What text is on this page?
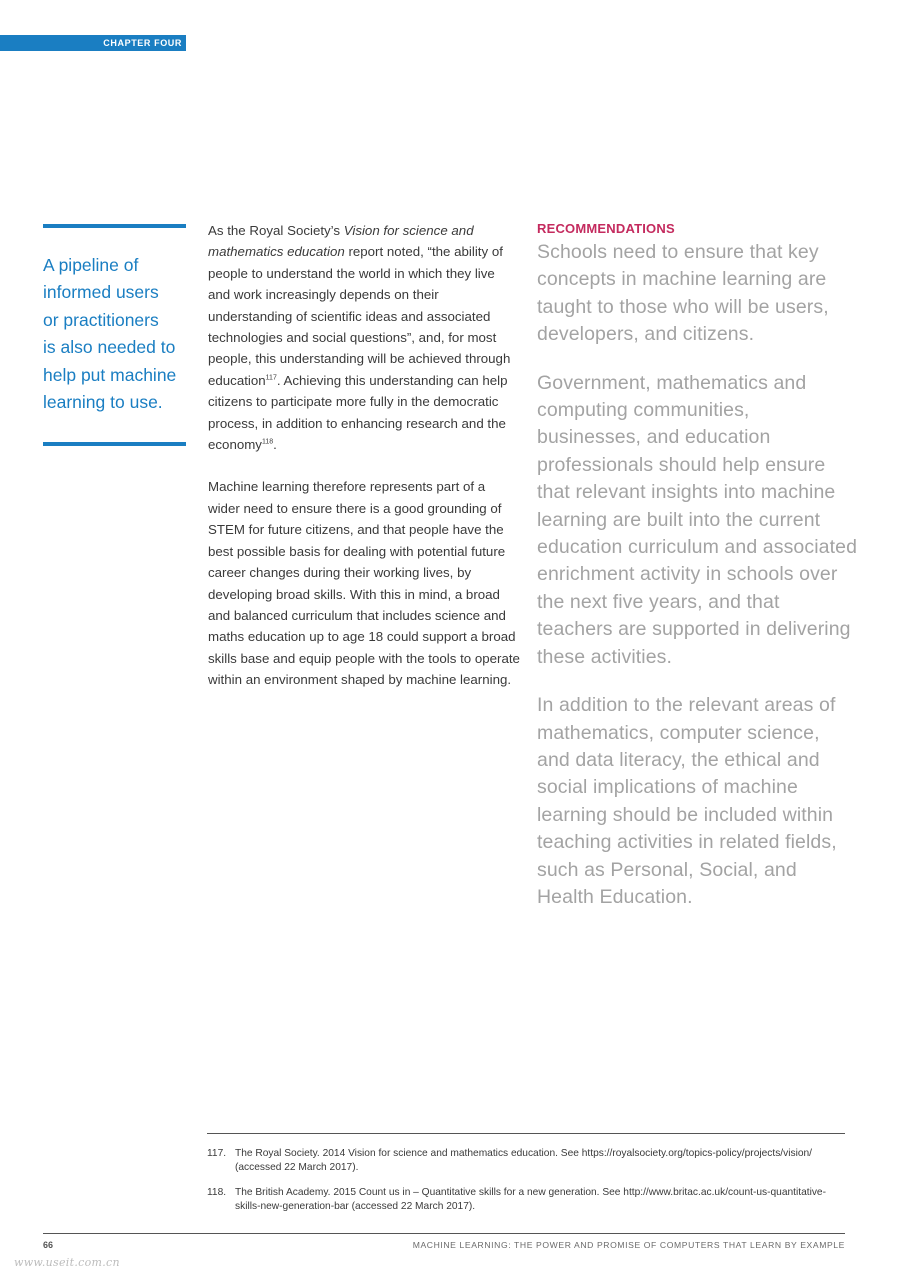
CHAPTER FOUR
A pipeline of
informed users
or practitioners
is also needed to
help put machine
learning to use.

As the Royal Society’s Vision for science and mathematics education report noted, “the ability of people to understand the world in which they live and work increasingly depends on their understanding of scientific ideas and associated technologies and social questions”, and, for most people, this understanding will be achieved through education$^{117}$. Achieving this understanding can help citizens to participate more fully in the democratic process, in addition to enhancing research and the economy$^{118}$.

Machine learning therefore represents part of a wider need to ensure there is a good grounding of STEM for future citizens, and that people have the best possible basis for dealing with potential future career changes during their working lives, by developing broad skills. With this in mind, a broad and balanced curriculum that includes science and maths education up to age 18 could support a broad skills base and equip people with the tools to operate within an environment shaped by machine learning.

RECOMMENDATIONS

Schools need to ensure that key concepts in machine learning are taught to those who will be users, developers, and citizens.

Government, mathematics and computing communities, businesses, and education professionals should help ensure that relevant insights into machine learning are built into the current education curriculum and associated enrichment activity in schools over the next five years, and that teachers are supported in delivering these activities.

In addition to the relevant areas of mathematics, computer science, and data literacy, the ethical and social implications of machine learning should be included within teaching activities in related fields, such as Personal, Social, and Health Education.

117. The Royal Society. 2014 Vision for science and mathematics education. See https://royalsociety.org/topics-policy/projects/vision/ (accessed 22 March 2017).
118. The British Academy. 2015 Count us in – Quantitative skills for a new generation. See http://www.britac.ac.uk/count-us-quantitative-skills-new-generation-bar (accessed 22 March 2017).
66	MACHINE LEARNING: THE POWER AND PROMISE OF COMPUTERS THAT LEARN BY EXAMPLE
www.useit.com.cn
